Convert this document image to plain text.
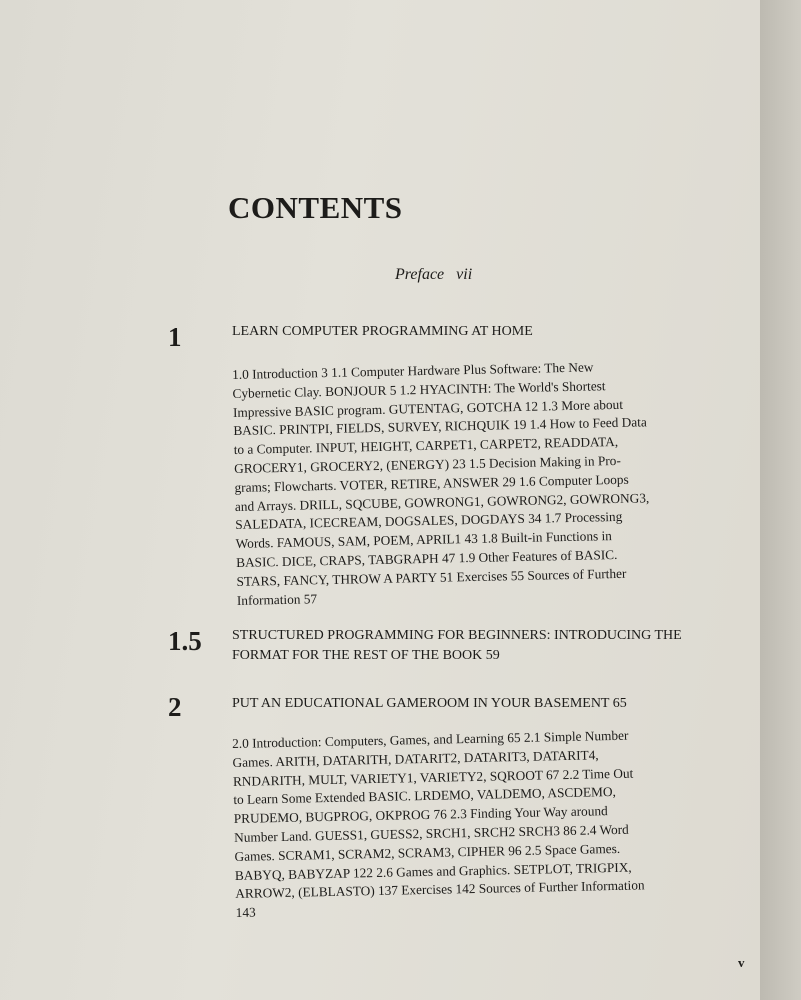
CONTENTS
Preface vii
1	LEARN COMPUTER PROGRAMMING AT HOME
1.0 Introduction 3 1.1 Computer Hardware Plus Software: The New
Cybernetic Clay. BONJOUR 5 1.2 HYACINTH: The World's Shortest
Impressive BASIC program. GUTENTAG, GOTCHA 12 1.3 More about
BASIC. PRINTPI, FIELDS, SURVEY, RICHQUIK 19 1.4 How to Feed Data
to a Computer. INPUT, HEIGHT, CARPET1, CARPET2, READDATA,
GROCERY1, GROCERY2, (ENERGY) 23 1.5 Decision Making in Pro-
grams; Flowcharts. VOTER, RETIRE, ANSWER 29 1.6 Computer Loops
and Arrays. DRILL, SQCUBE, GOWRONG1, GOWRONG2, GOWRONG3,
SALEDATA, ICECREAM, DOGSALES, DOGDAYS 34 1.7 Processing
Words. FAMOUS, SAM, POEM, APRIL1 43 1.8 Built-in Functions in
BASIC. DICE, CRAPS, TABGRAPH 47 1.9 Other Features of BASIC.
STARS, FANCY, THROW A PARTY 51 Exercises 55 Sources of Further
Information 57
1.5 STRUCTURED PROGRAMMING FOR BEGINNERS: INTRODUCING THE
FORMAT FOR THE REST OF THE BOOK 59
2	PUT AN EDUCATIONAL GAMEROOM IN YOUR BASEMENT 65
2.0 Introduction: Computers, Games, and Learning 65 2.1 Simple Number
Games. ARITH, DATARITH, DATARIT2, DATARIT3, DATARIT4,
RNDARITH, MULT, VARIETY1, VARIETY2, SQROOT 67 2.2 Time Out
to Learn Some Extended BASIC. LRDEMO, VALDEMO, ASCDEMO,
PRUDEMO, BUGPROG, OKPROG 76 2.3 Finding Your Way around
Number Land. GUESS1, GUESS2, SRCH1, SRCH2 SRCH3 86 2.4 Word
Games. SCRAM1, SCRAM2, SCRAM3, CIPHER 96 2.5 Space Games.
BABYQ, BABYZAP 122 2.6 Games and Graphics. SETPLOT, TRIGPIX,
ARROW2, (ELBLASTO) 137 Exercises 142 Sources of Further Information
143
v
